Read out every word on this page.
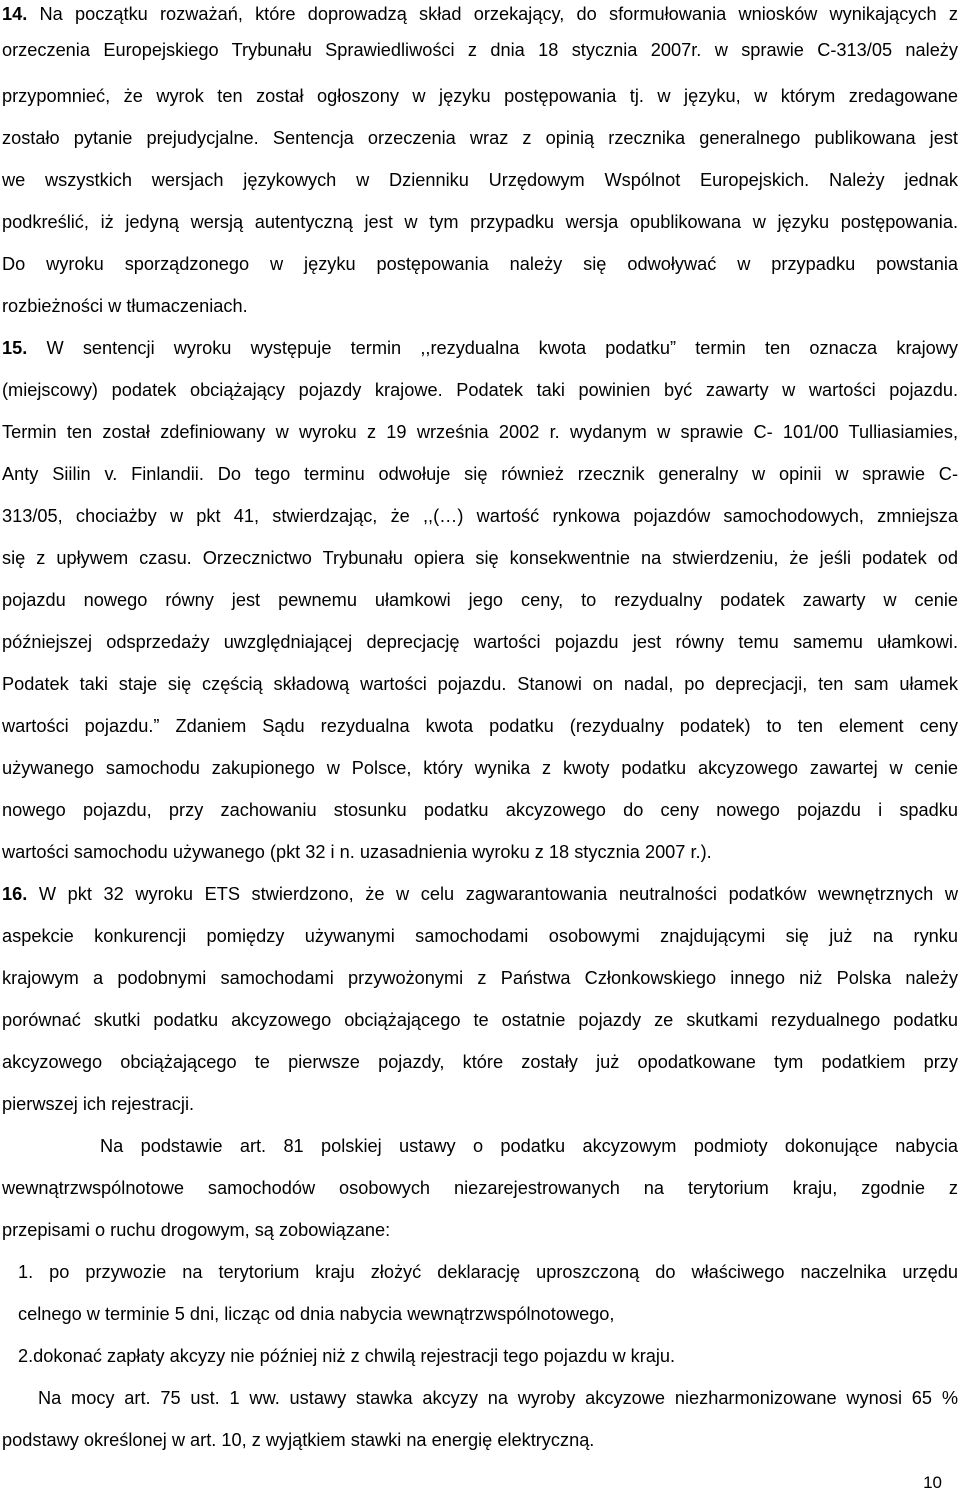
14. Na początku rozważań, które doprowadzą skład orzekający, do sformułowania wniosków wynikających z
orzeczenia Europejskiego Trybunału Sprawiedliwości z dnia 18 stycznia 2007r. w sprawie C-313/05 należy
przypomnieć, że wyrok ten został ogłoszony w języku postępowania tj. w języku, w którym zredagowane
zostało pytanie prejudycjalne. Sentencja orzeczenia wraz z opinią rzecznika generalnego publikowana jest
we wszystkich wersjach językowych w Dzienniku Urzędowym Wspólnot Europejskich. Należy jednak
podkreślić, iż jedyną wersją autentyczną jest w tym przypadku wersja opublikowana w języku postępowania.
Do wyroku sporządzonego w języku postępowania należy się odwoływać w przypadku powstania
rozbieżności w tłumaczeniach.
15. W sentencji wyroku występuje termin ,,rezydualna kwota podatku” termin ten oznacza krajowy
(miejscowy) podatek obciążający pojazdy krajowe. Podatek taki powinien być zawarty w wartości pojazdu.
Termin ten został zdefiniowany w wyroku z 19 września 2002 r. wydanym w sprawie C- 101/00 Tulliasiamies,
Anty Siilin v. Finlandii. Do tego terminu odwołuje się również rzecznik generalny w opinii w sprawie C-
313/05, chociażby w pkt 41, stwierdzając, że ,,(…) wartość rynkowa pojazdów samochodowych, zmniejsza
się z upływem czasu. Orzecznictwo Trybunału opiera się konsekwentnie na stwierdzeniu, że jeśli podatek od
pojazdu nowego równy jest pewnemu ułamkowi jego ceny, to rezydualny podatek zawarty w cenie
późniejszej odsprzedaży uwzględniającej deprecjację wartości pojazdu jest równy temu samemu ułamkowi.
Podatek taki staje się częścią składową wartości pojazdu. Stanowi on nadal, po deprecjacji, ten sam ułamek
wartości pojazdu.” Zdaniem Sądu rezydualna kwota podatku (rezydualny podatek) to ten element ceny
używanego samochodu zakupionego w Polsce, który wynika z kwoty podatku akcyzowego zawartej w cenie
nowego pojazdu, przy zachowaniu stosunku podatku akcyzowego do ceny nowego pojazdu i spadku
wartości samochodu używanego (pkt 32 i n. uzasadnienia wyroku z 18 stycznia 2007 r.).
16. W pkt 32 wyroku ETS stwierdzono, że w celu zagwarantowania neutralności podatków wewnętrznych w
aspekcie konkurencji pomiędzy używanymi samochodami osobowymi znajdującymi się już na rynku
krajowym a podobnymi samochodami przywożonymi z Państwa Członkowskiego innego niż Polska należy
porównać skutki podatku akcyzowego obciążającego te ostatnie pojazdy ze skutkami rezydualnego podatku
akcyzowego obciążającego te pierwsze pojazdy, które zostały już opodatkowane tym podatkiem przy
pierwszej ich rejestracji.
Na podstawie art. 81 polskiej ustawy o podatku akcyzowym podmioty dokonujące nabycia
wewnątrzwspólnotowe samochodów osobowych niezarejestrowanych na terytorium kraju, zgodnie z
przepisami o ruchu drogowym, są zobowiązane:
1. po przywozie na terytorium kraju złożyć deklarację uproszczoną do właściwego naczelnika urzędu
celnego w terminie 5 dni, licząc od dnia nabycia wewnątrzwspólnotowego,
2.dokonać zapłaty akcyzy nie później niż z chwilą rejestracji tego pojazdu w kraju.
Na mocy art. 75 ust. 1 ww. ustawy stawka akcyzy na wyroby akcyzowe niezharmonizowane wynosi 65 %
podstawy określonej w art. 10, z wyjątkiem stawki na energię elektryczną.
10
